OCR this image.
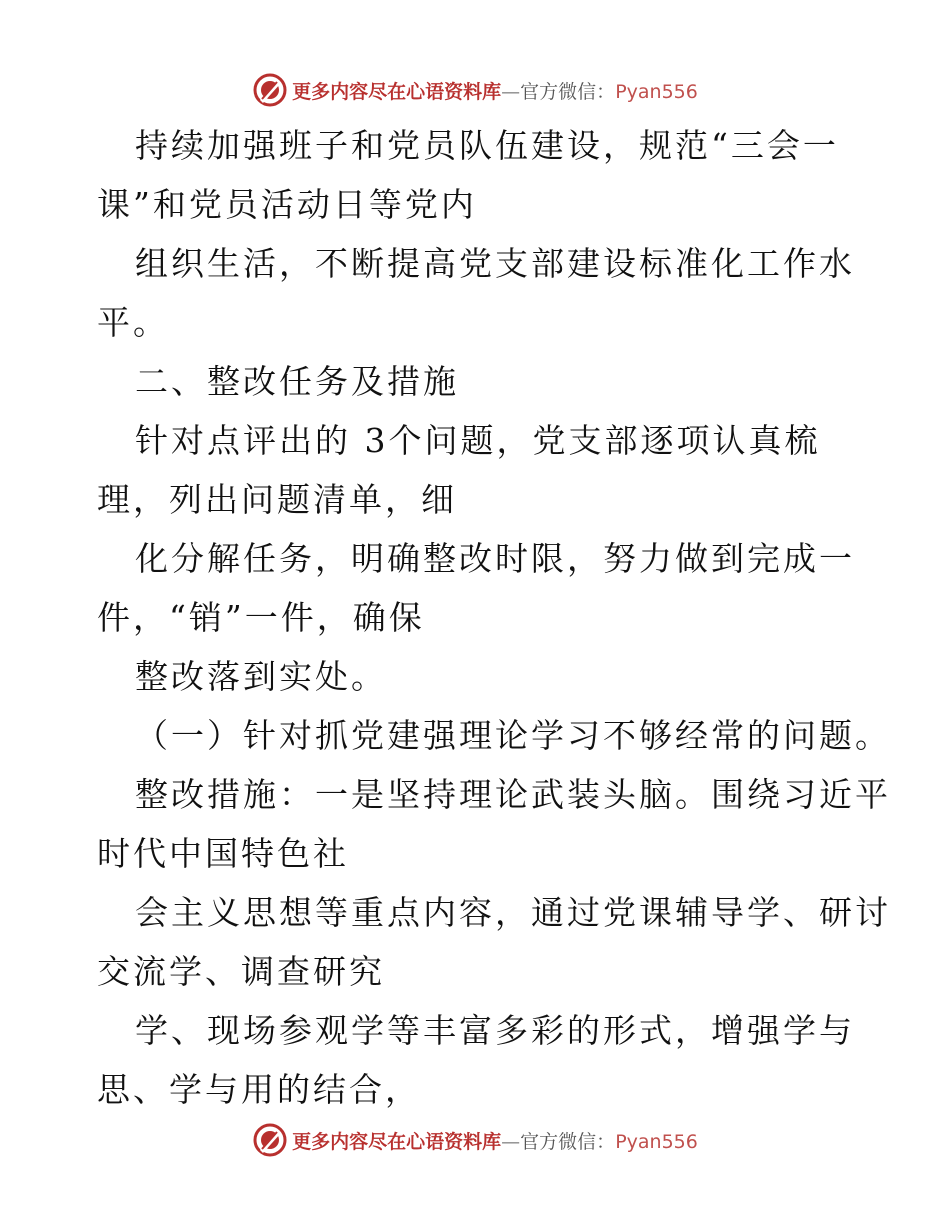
更多内容尽在心语资料库—官方微信：Pyan556
持续加强班子和党员队伍建设，规范“三会一
课”和党员活动日等党内
组织生活，不断提高党支部建设标准化工作水
平。
二、整改任务及措施
针对点评出的 3个问题，党支部逐项认真梳
理，列出问题清单，细
化分解任务，明确整改时限，努力做到完成一
件，“销”一件，确保
整改落到实处。
（一）针对抓党建强理论学习不够经常的问题。
整改措施：一是坚持理论武装头脑。围绕习近平
时代中国特色社
会主义思想等重点内容，通过党课辅导学、研讨
交流学、调查研究
学、现场参观学等丰富多彩的形式，增强学与
思、学与用的结合，
更多内容尽在心语资料库—官方微信：Pyan556
